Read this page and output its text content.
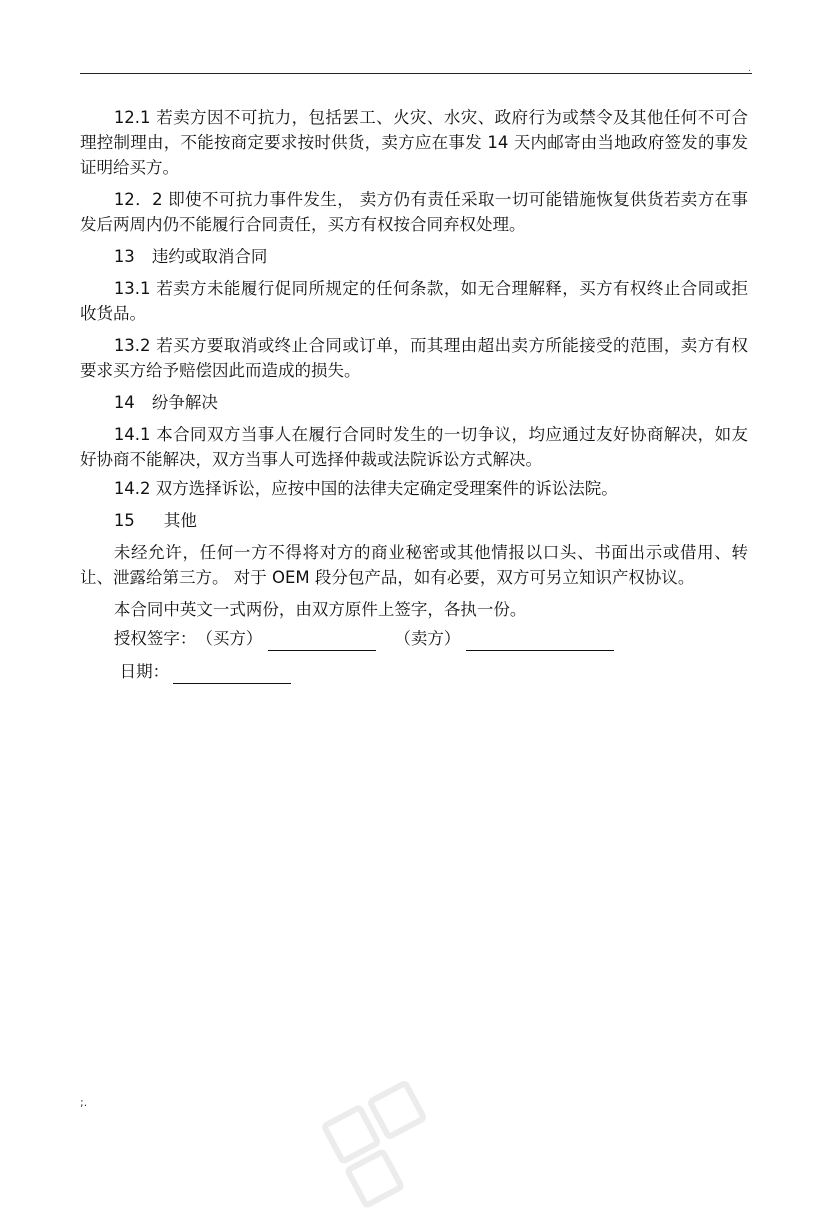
.

12.1 若卖方因不可抗力，包括罢工、火灾、水灾、政府行为或禁令及其他任何不可合理控制理由，不能按商定要求按时供货，卖方应在事发 14 天内邮寄由当地政府签发的事发证明给买方。

12．2 即使不可抗力事件发生， 卖方仍有责任采取一切可能错施恢复供货若卖方在事发后两周内仍不能履行合同责任，买方有权按合同弃权处理。

13 违约或取消合同

13.1 若卖方未能履行促同所规定的任何条款，如无合理解释，买方有权终止合同或拒收货品。

13.2 若买方要取消或终止合同或订单，而其理由超出卖方所能接受的范围，卖方有权要求买方给予赔偿因此而造成的损失。

14 纷争解决

14.1 本合同双方当事人在履行合同时发生的一切争议，均应通过友好协商解决，如友好协商不能解决，双方当事人可选择仲裁或法院诉讼方式解决。

14.2 双方选择诉讼，应按中国的法律夫定确定受理案件的诉讼法院。

15 其他

未经允许，任何一方不得将对方的商业秘密或其他情报以口头、书面出示或借用、转让、泄露给第三方。 对于 OEM 段分包产品，如有必要，双方可另立知识产权协议。

本合同中英文一式两份，由双方原件上签字，各执一份。

授权签字： （买方）	（卖方）
日期：
;.
